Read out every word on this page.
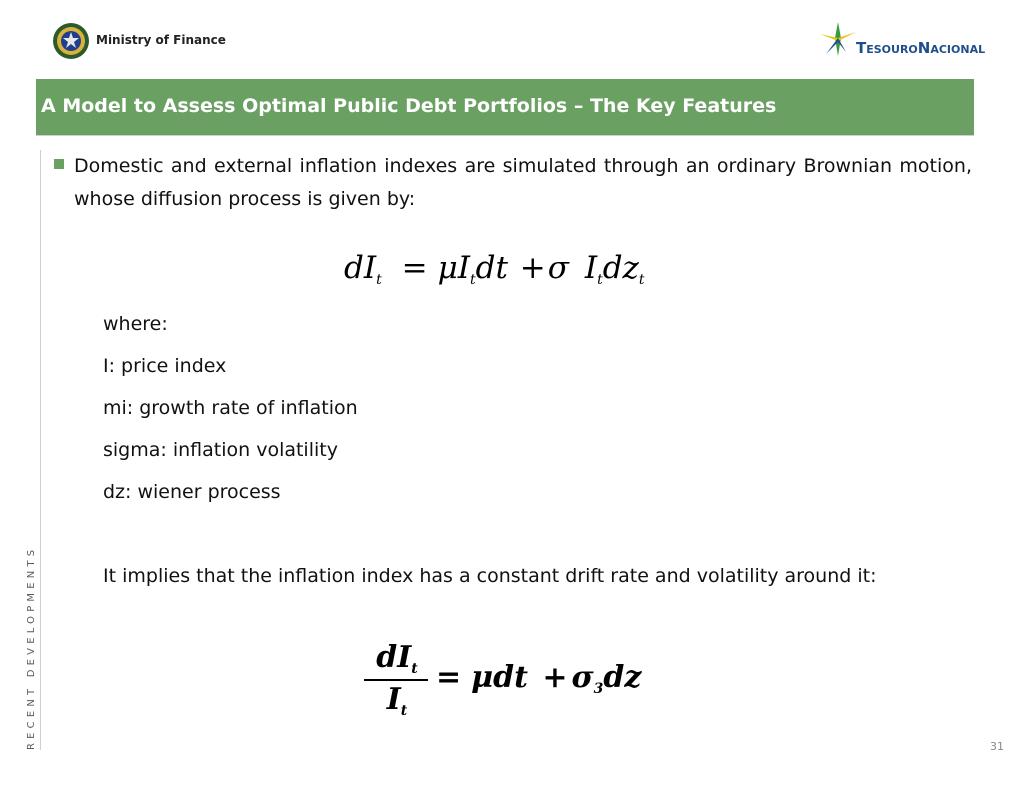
Ministry of Finance	TESOURONACIONAL
A Model to Assess Optimal Public Debt Portfolios – The Key Features
RECENT DEVELOPMENTS
Domestic and external inflation indexes are simulated through an ordinary Brownian motion, whose diffusion process is given by:
$dI_t = \mu I_tdt +\sigma$ $I_tdz_t$
where:
I: price index
mi: growth rate of inflation
sigma: inflation volatility
dz: wiener process
It implies that the inflation index has a constant drift rate and volatility around it:
$dI_t$
$I_t$
= $\mu dt + \sigma_3dz$
31
